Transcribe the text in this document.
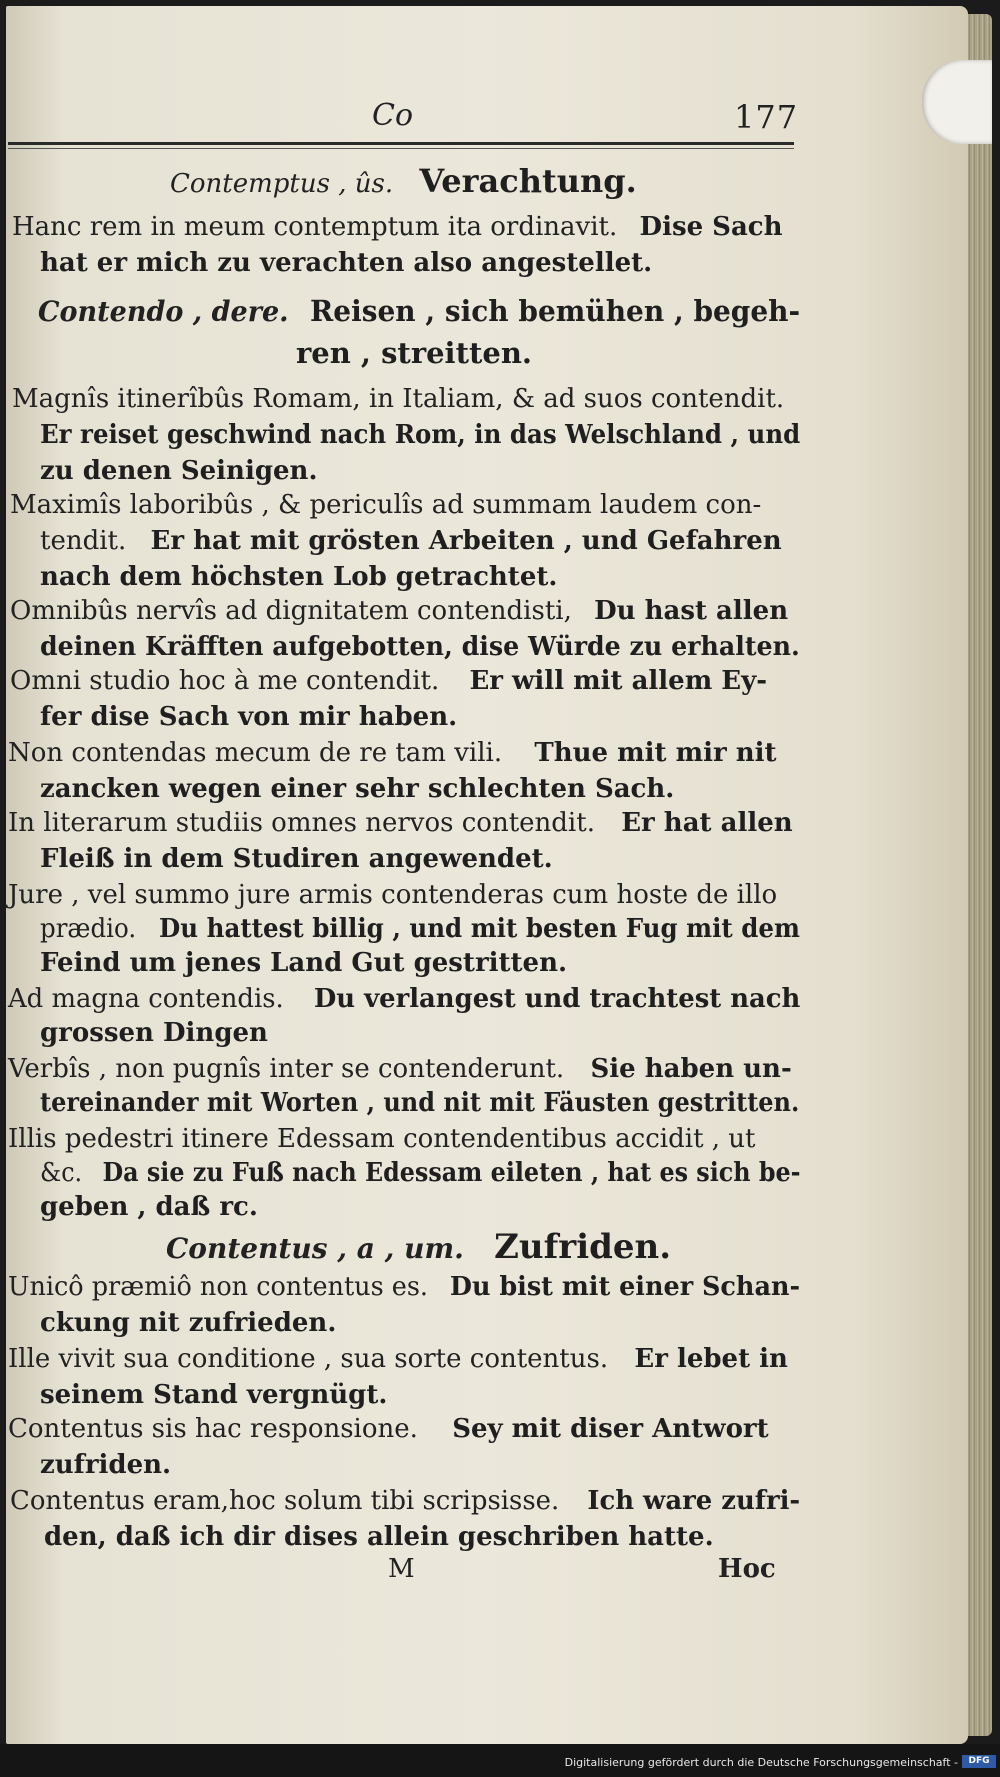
Co	177
Contemptus , ûs. Verachtung.
Hanc rem in meum contemptum ita ordinavit. Dise Sach
hat er mich zu verachten also angestellet.
Contendo , dere. Reisen , sich bemühen , begeh-
ren , streitten.
Magnîs itinerîbûs Romam, in Italiam, & ad suos contendit.
Er reiset geschwind nach Rom, in das Welschland , und
zu denen Seinigen.
Maximîs laboribûs , & periculîs ad summam laudem con-
tendit. Er hat mit grösten Arbeiten , und Gefahren
nach dem höchsten Lob getrachtet.
Omnibûs nervîs ad dignitatem contendisti, Du hast allen
deinen Kräfften aufgebotten, dise Würde zu erhalten.
Omni studio hoc à me contendit. Er will mit allem Ey-
fer dise Sach von mir haben.
Non contendas mecum de re tam vili. Thue mit mir nit
zancken wegen einer sehr schlechten Sach.
In literarum studiis omnes nervos contendit. Er hat allen
Fleiß in dem Studiren angewendet.
Jure , vel summo jure armis contenderas cum hoste de illo
prædio. Du hattest billig , und mit besten Fug mit dem
Feind um jenes Land Gut gestritten.
Ad magna contendis. Du verlangest und trachtest nach
grossen Dingen
Verbîs , non pugnîs inter se contenderunt. Sie haben un-
tereinander mit Worten , und nit mit Fäusten gestritten.
Illis pedestri itinere Edessam contendentibus accidit , ut
&c. Da sie zu Fuß nach Edessam eileten , hat es sich be-
geben , daß rc.
Contentus , a , um. Zufriden.
Unicô præmiô non contentus es. Du bist mit einer Schan-
ckung nit zufrieden.
Ille vivit sua conditione , sua sorte contentus. Er lebet in
seinem Stand vergnügt.
Contentus sis hac responsione. Sey mit diser Antwort
zufriden.
Contentus eram,hoc solum tibi scripsisse. Ich ware zufri-
den, daß ich dir dises allein geschriben hatte.
M	Hoc
Digitalisierung gefördert durch die Deutsche Forschungsgemeinschaft -	DFG
